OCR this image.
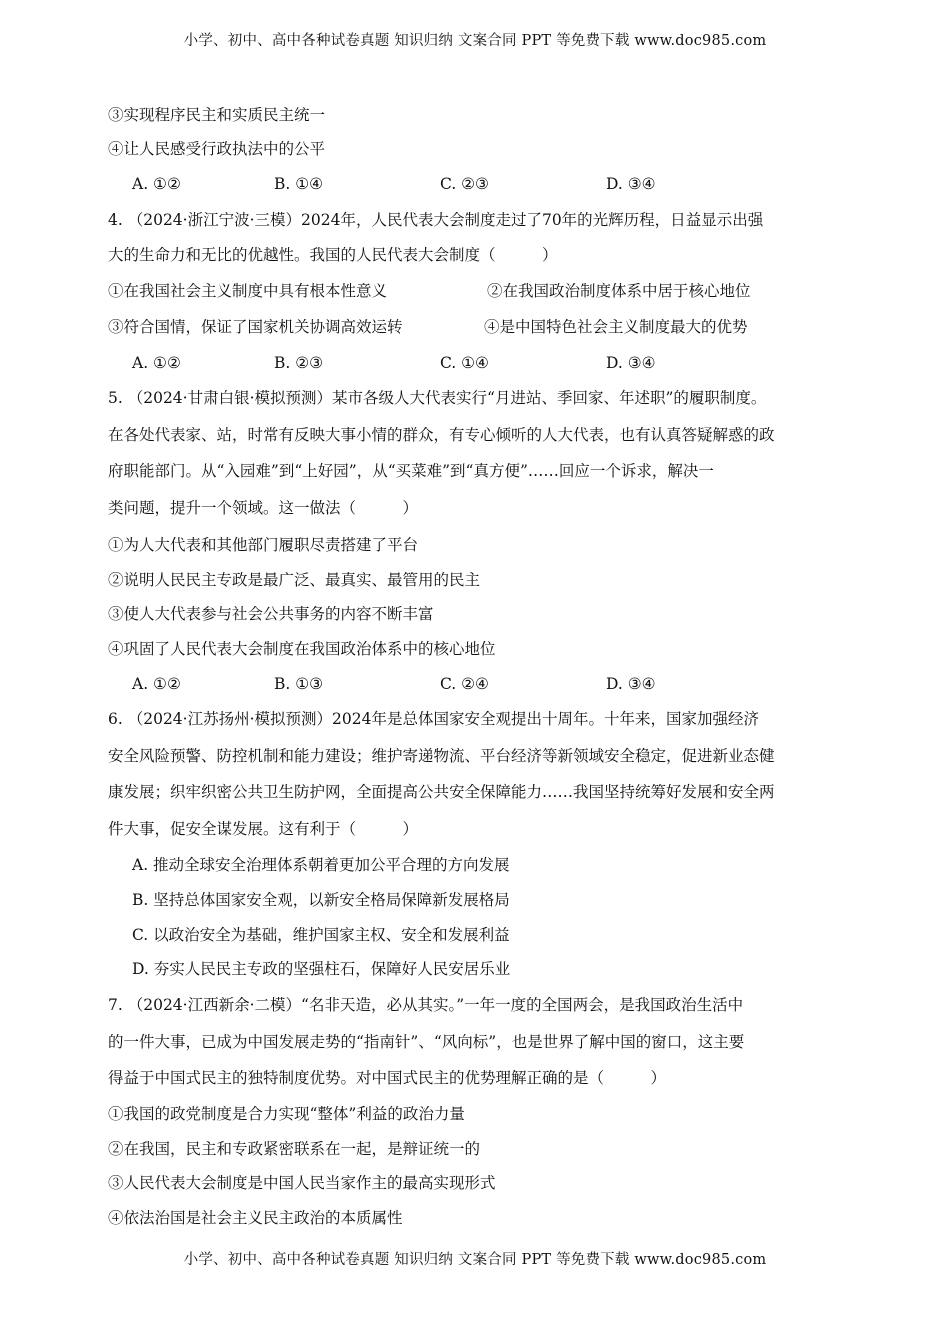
小学、初中、高中各种试卷真题 知识归纳 文案合同 PPT 等免费下载 www.doc985.com
③实现程序民主和实质民主统一
④让人民感受行政执法中的公平
A. ①②	B. ①④	C. ②③	D. ③④
4. （2024·浙江宁波·三模）2024年，人民代表大会制度走过了70年的光辉历程，日益显示出强
大的生命力和无比的优越性。我国的人民代表大会制度（　　　）
①在我国社会主义制度中具有根本性意义	②在我国政治制度体系中居于核心地位
③符合国情，保证了国家机关协调高效运转	④是中国特色社会主义制度最大的优势
A. ①②	B. ②③	C. ①④	D. ③④
5. （2024·甘肃白银·模拟预测）某市各级人大代表实行“月进站、季回家、年述职”的履职制度。
在各处代表家、站，时常有反映大事小情的群众，有专心倾听的人大代表，也有认真答疑解惑的政
府职能部门。从“入园难”到“上好园”，从“买菜难”到“真方便”……回应一个诉求，解决一
类问题，提升一个领域。这一做法（　　　）
①为人大代表和其他部门履职尽责搭建了平台
②说明人民民主专政是最广泛、最真实、最管用的民主
③使人大代表参与社会公共事务的内容不断丰富
④巩固了人民代表大会制度在我国政治体系中的核心地位
A. ①②	B. ①③	C. ②④	D. ③④
6. （2024·江苏扬州·模拟预测）2024年是总体国家安全观提出十周年。十年来，国家加强经济
安全风险预警、防控机制和能力建设；维护寄递物流、平台经济等新领域安全稳定，促进新业态健
康发展；织牢织密公共卫生防护网，全面提高公共安全保障能力……我国坚持统筹好发展和安全两
件大事，促安全谋发展。这有利于（　　　）
A. 推动全球安全治理体系朝着更加公平合理的方向发展
B. 坚持总体国家安全观，以新安全格局保障新发展格局
C. 以政治安全为基础，维护国家主权、安全和发展利益
D. 夯实人民民主专政的坚强柱石，保障好人民安居乐业
7. （2024·江西新余·二模）“名非天造，必从其实。”一年一度的全国两会，是我国政治生活中
的一件大事，已成为中国发展走势的“指南针”、“风向标”，也是世界了解中国的窗口，这主要
得益于中国式民主的独特制度优势。对中国式民主的优势理解正确的是（　　　）
①我国的政党制度是合力实现“整体”利益的政治力量
②在我国，民主和专政紧密联系在一起，是辩证统一的
③人民代表大会制度是中国人民当家作主的最高实现形式
④依法治国是社会主义民主政治的本质属性
小学、初中、高中各种试卷真题 知识归纳 文案合同 PPT 等免费下载 www.doc985.com
